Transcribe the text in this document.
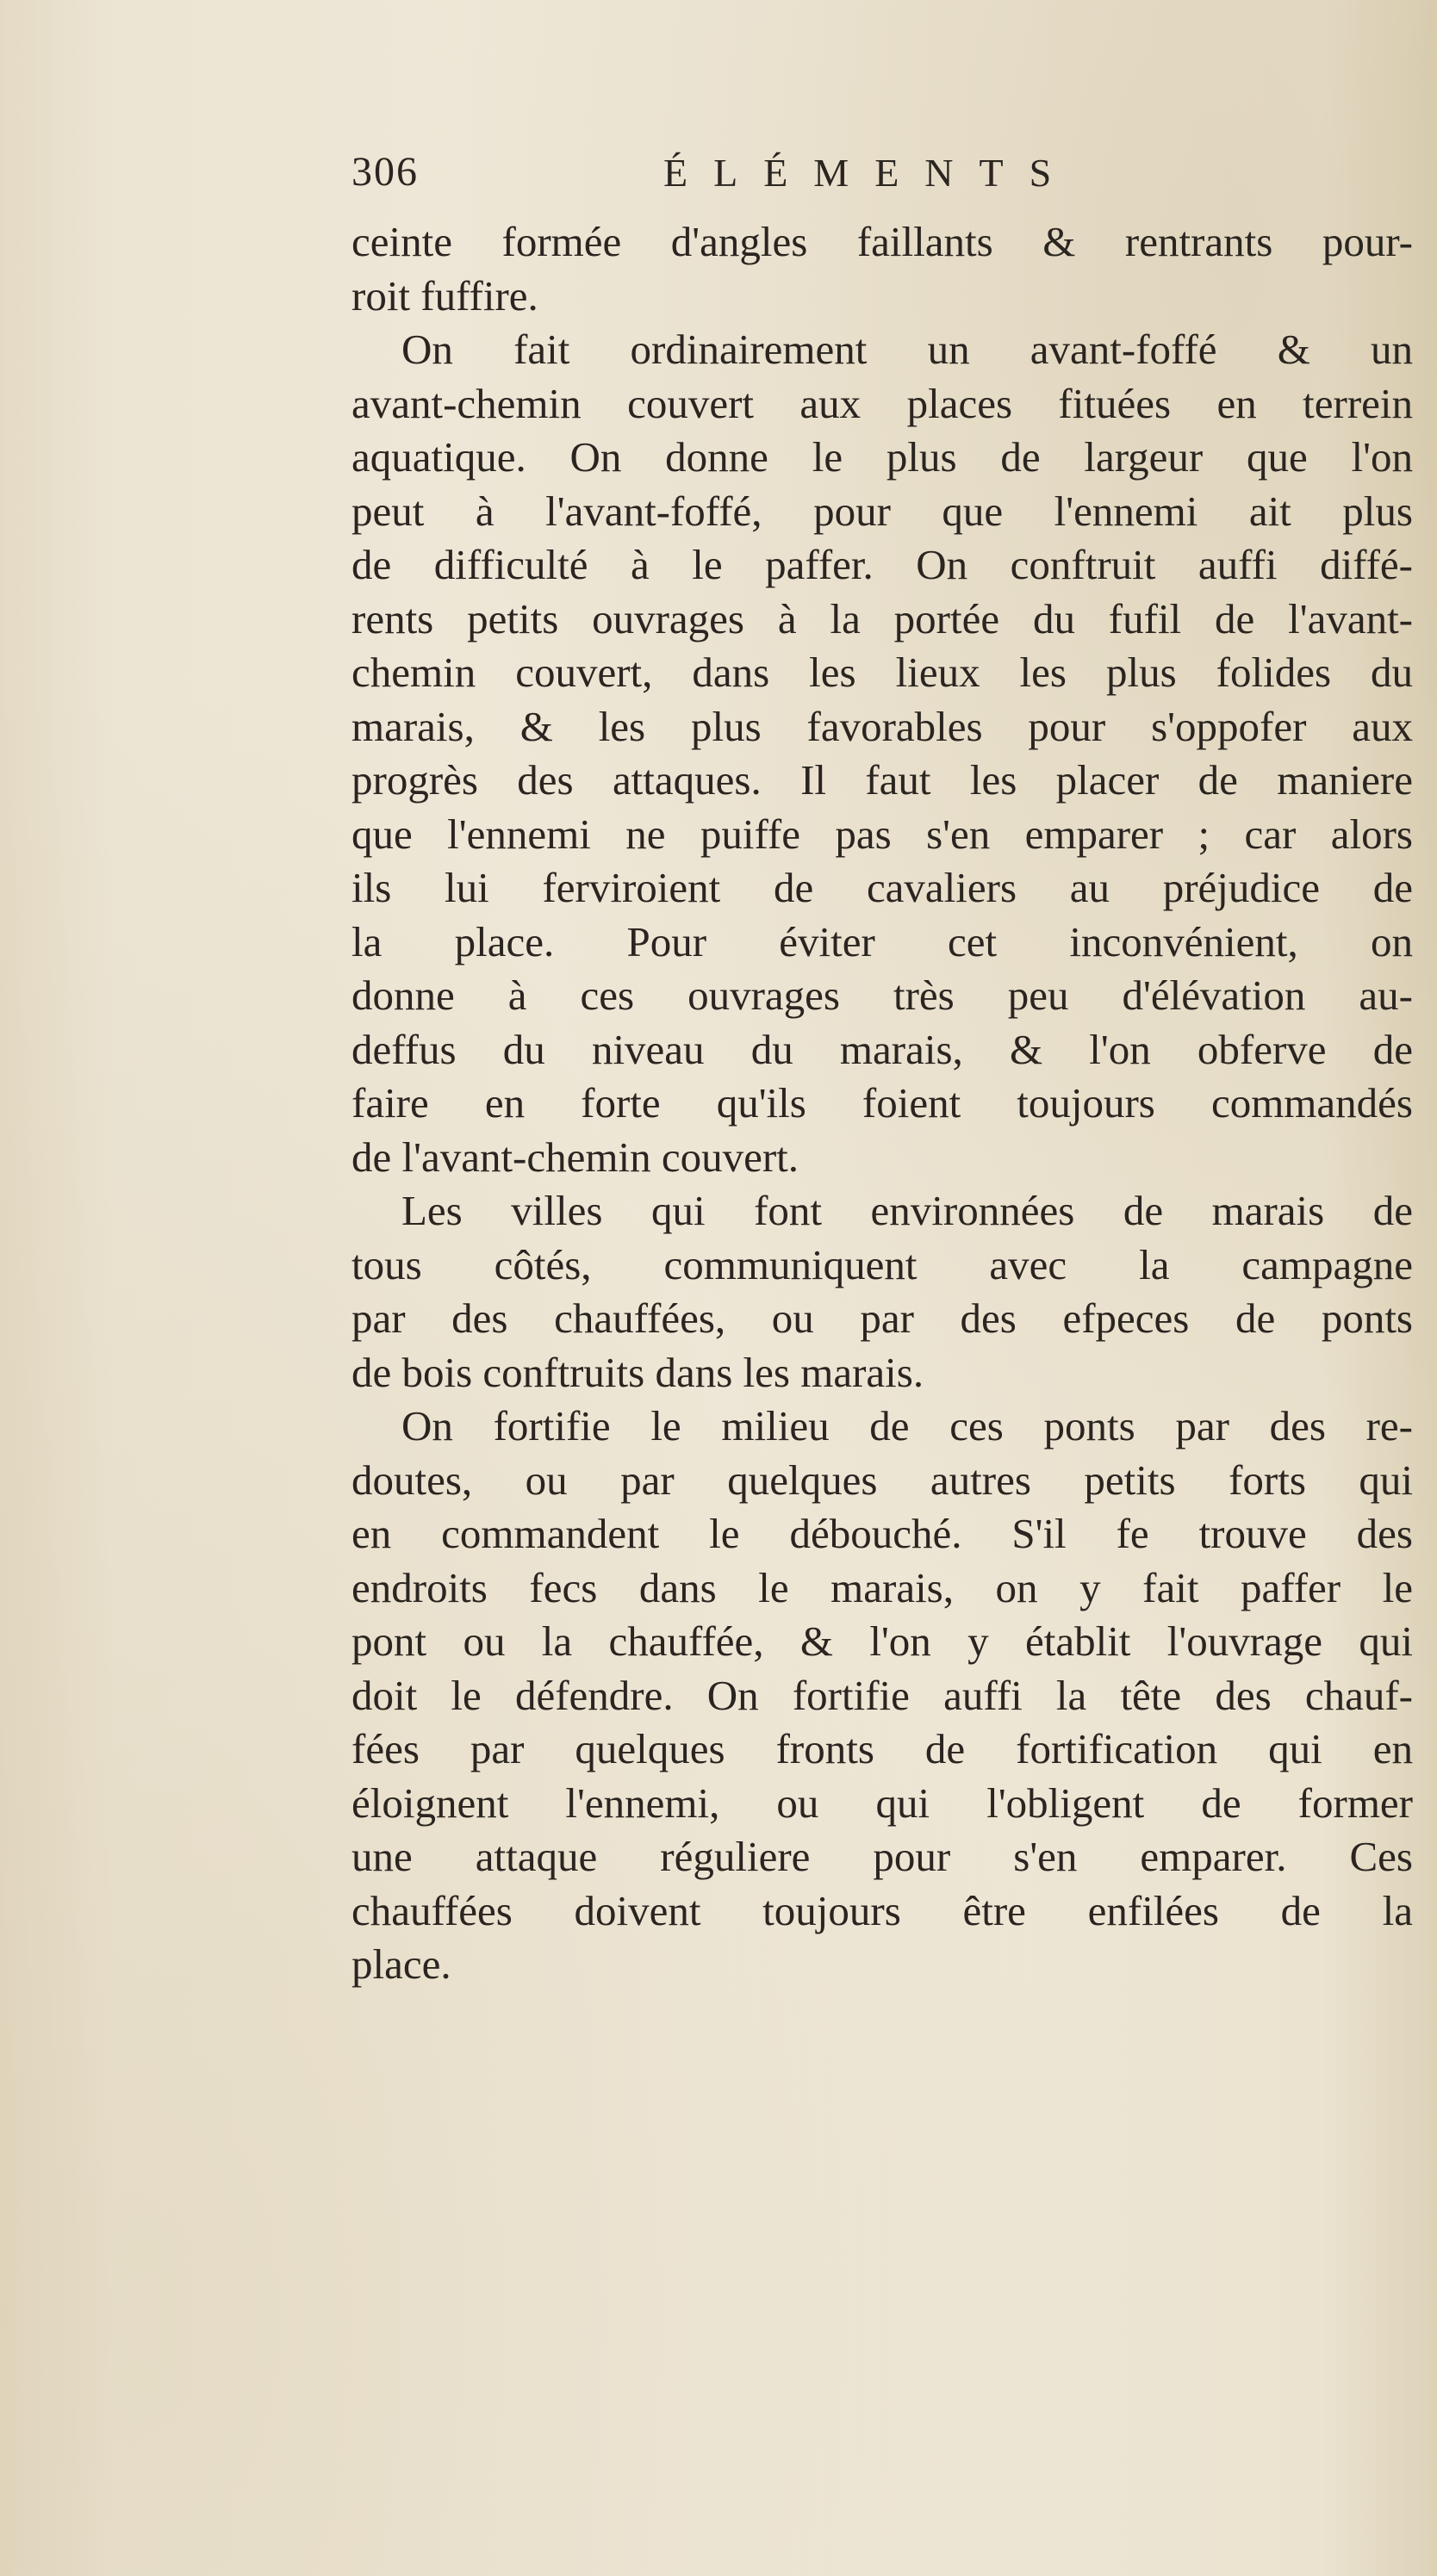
306	ÉLÉMENTS
ceinte formée d'angles faillants & rentrants pour-
roit fuffire.
On fait ordinairement un avant-foffé & un
avant-chemin couvert aux places fituées en terrein
aquatique. On donne le plus de largeur que l'on
peut à l'avant-foffé, pour que l'ennemi ait plus
de difficulté à le paffer. On conftruit auffi diffé-
rents petits ouvrages à la portée du fufil de l'avant-
chemin couvert, dans les lieux les plus folides du
marais, & les plus favorables pour s'oppofer aux
progrès des attaques. Il faut les placer de maniere
que l'ennemi ne puiffe pas s'en emparer ; car alors
ils lui ferviroient de cavaliers au préjudice de
la place. Pour éviter cet inconvénient, on
donne à ces ouvrages très peu d'élévation au-
deffus du niveau du marais, & l'on obferve de
faire en forte qu'ils foient toujours commandés
de l'avant-chemin couvert.
Les villes qui font environnées de marais de
tous côtés, communiquent avec la campagne
par des chauffées, ou par des efpeces de ponts
de bois conftruits dans les marais.
On fortifie le milieu de ces ponts par des re-
doutes, ou par quelques autres petits forts qui
en commandent le débouché. S'il fe trouve des
endroits fecs dans le marais, on y fait paffer le
pont ou la chauffée, & l'on y établit l'ouvrage qui
doit le défendre. On fortifie auffi la tête des chauf-
fées par quelques fronts de fortification qui en
éloignent l'ennemi, ou qui l'obligent de former
une attaque réguliere pour s'en emparer. Ces
chauffées doivent toujours être enfilées de la
place.
